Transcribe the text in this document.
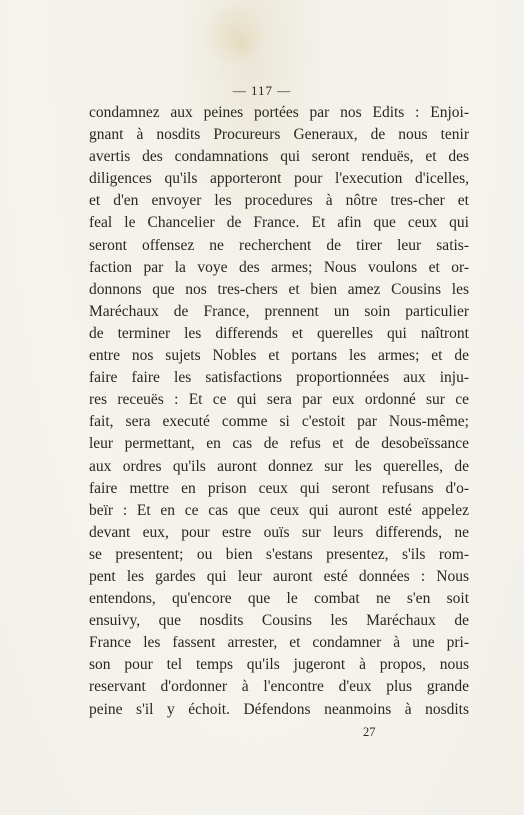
— 117 —
condamnez aux peines portées par nos Edits : Enjoi-
gnant à nosdits Procureurs Generaux, de nous tenir
avertis des condamnations qui seront renduës, et des
diligences qu'ils apporteront pour l'execution d'icelles,
et d'en envoyer les procedures à nôtre tres-cher et
feal le Chancelier de France. Et afin que ceux qui
seront offensez ne recherchent de tirer leur satis-
faction par la voye des armes; Nous voulons et or-
donnons que nos tres-chers et bien amez Cousins les
Maréchaux de France, prennent un soin particulier
de terminer les differends et querelles qui naîtront
entre nos sujets Nobles et portans les armes; et de
faire faire les satisfactions proportionnées aux inju-
res receuës : Et ce qui sera par eux ordonné sur ce
fait, sera executé comme si c'estoit par Nous-même;
leur permettant, en cas de refus et de desobeïssance
aux ordres qu'ils auront donnez sur les querelles, de
faire mettre en prison ceux qui seront refusans d'o-
beïr : Et en ce cas que ceux qui auront esté appelez
devant eux, pour estre ouïs sur leurs differends, ne
se presentent; ou bien s'estans presentez, s'ils rom-
pent les gardes qui leur auront esté données : Nous
entendons, qu'encore que le combat ne s'en soit
ensuivy, que nosdits Cousins les Maréchaux de
France les fassent arrester, et condamner à une pri-
son pour tel temps qu'ils jugeront à propos, nous
reservant d'ordonner à l'encontre d'eux plus grande
peine s'il y échoit. Défendons neanmoins à nosdits
27
